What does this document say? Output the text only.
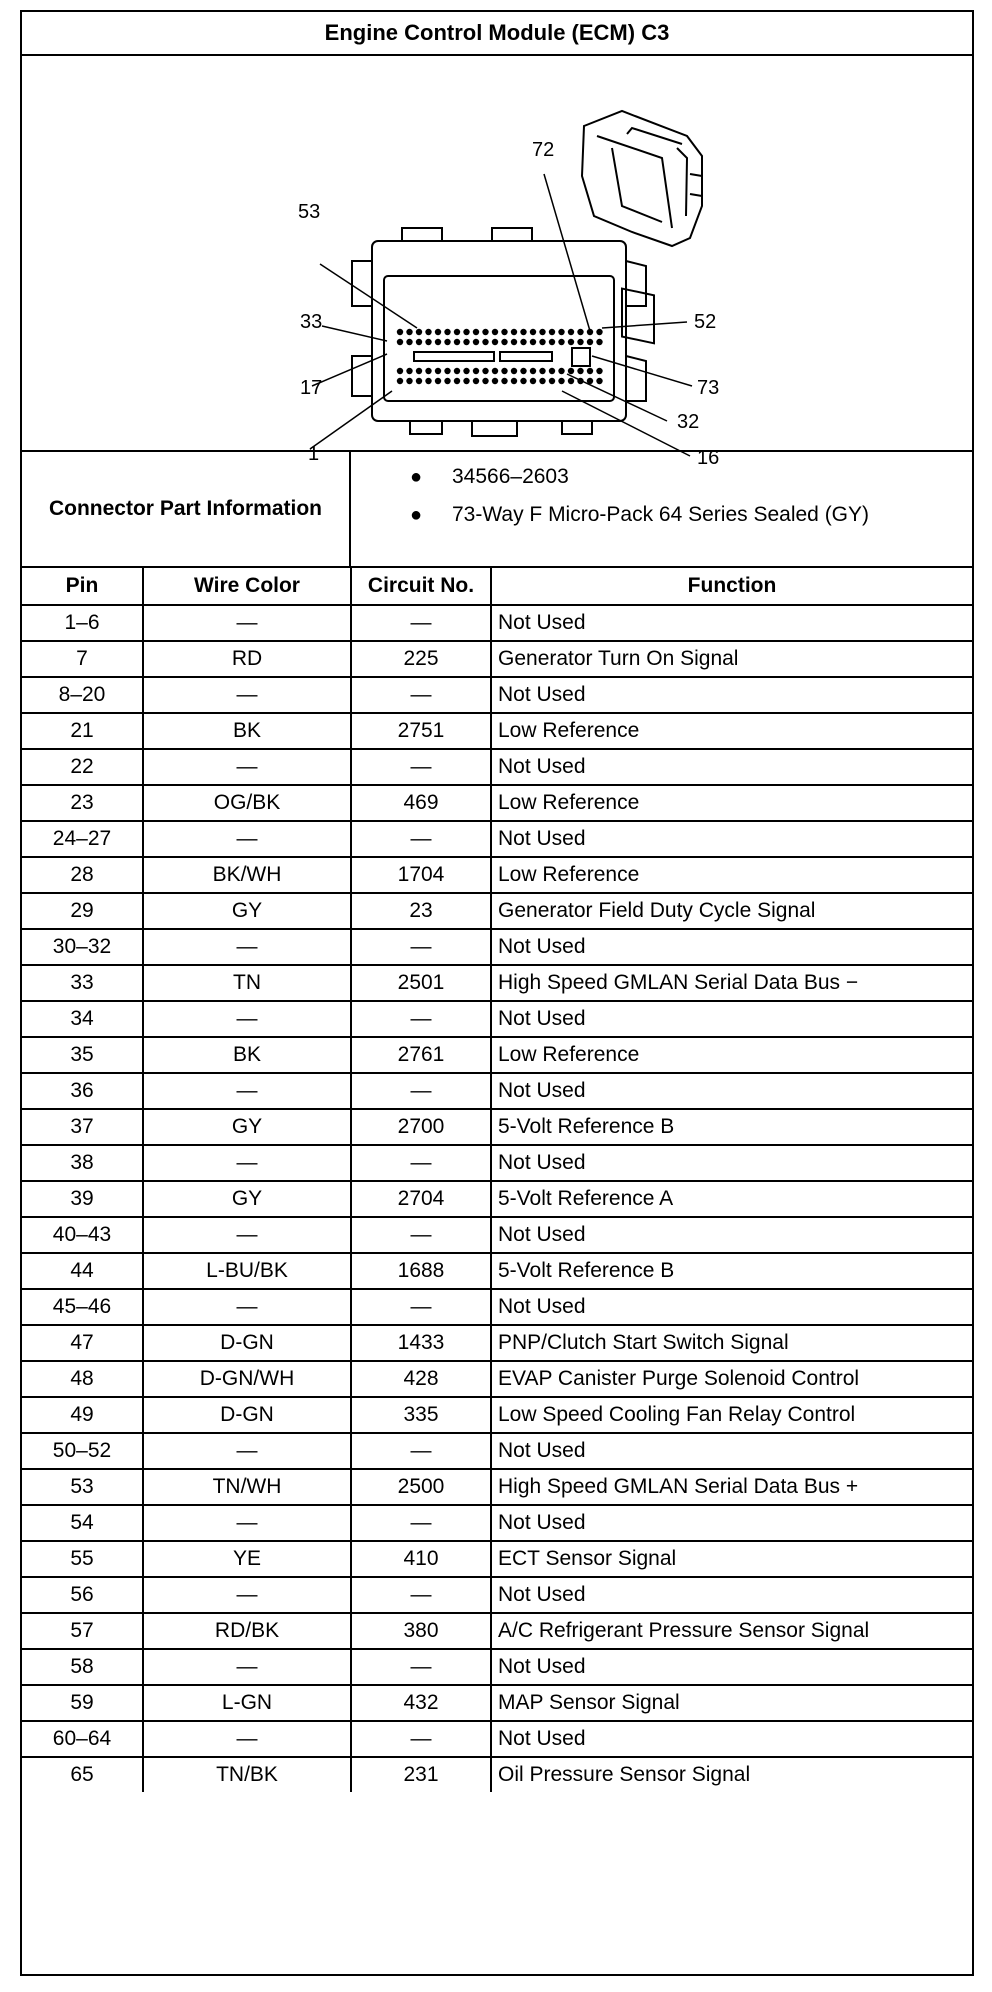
Engine Control Module (ECM) C3
72
53
52
33
17	73
32
1	16
Connector Part Information
● 34566–2603
● 73-Way F Micro-Pack 64 Series Sealed (GY)
Pin	Wire Color	Circuit No.	Function
1–6	—	—	Not Used
7	RD	225	Generator Turn On Signal
8–20	—	—	Not Used
21	BK	2751	Low Reference
22	—	—	Not Used
23	OG/BK	469	Low Reference
24–27	—	—	Not Used
28	BK/WH	1704	Low Reference
29	GY	23	Generator Field Duty Cycle Signal
30–32	—	—	Not Used
33	TN	2501	High Speed GMLAN Serial Data Bus −
34	—	—	Not Used
35	BK	2761	Low Reference
36	—	—	Not Used
37	GY	2700	5-Volt Reference B
38	—	—	Not Used
39	GY	2704	5-Volt Reference A
40–43	—	—	Not Used
44	L-BU/BK	1688	5-Volt Reference B
45–46	—	—	Not Used
47	D-GN	1433	PNP/Clutch Start Switch Signal
48	D-GN/WH	428	EVAP Canister Purge Solenoid Control
49	D-GN	335	Low Speed Cooling Fan Relay Control
50–52	—	—	Not Used
53	TN/WH	2500	High Speed GMLAN Serial Data Bus +
54	—	—	Not Used
55	YE	410	ECT Sensor Signal
56	—	—	Not Used
57	RD/BK	380	A/C Refrigerant Pressure Sensor Signal
58	—	—	Not Used
59	L-GN	432	MAP Sensor Signal
60–64	—	—	Not Used
65	TN/BK	231	Oil Pressure Sensor Signal
